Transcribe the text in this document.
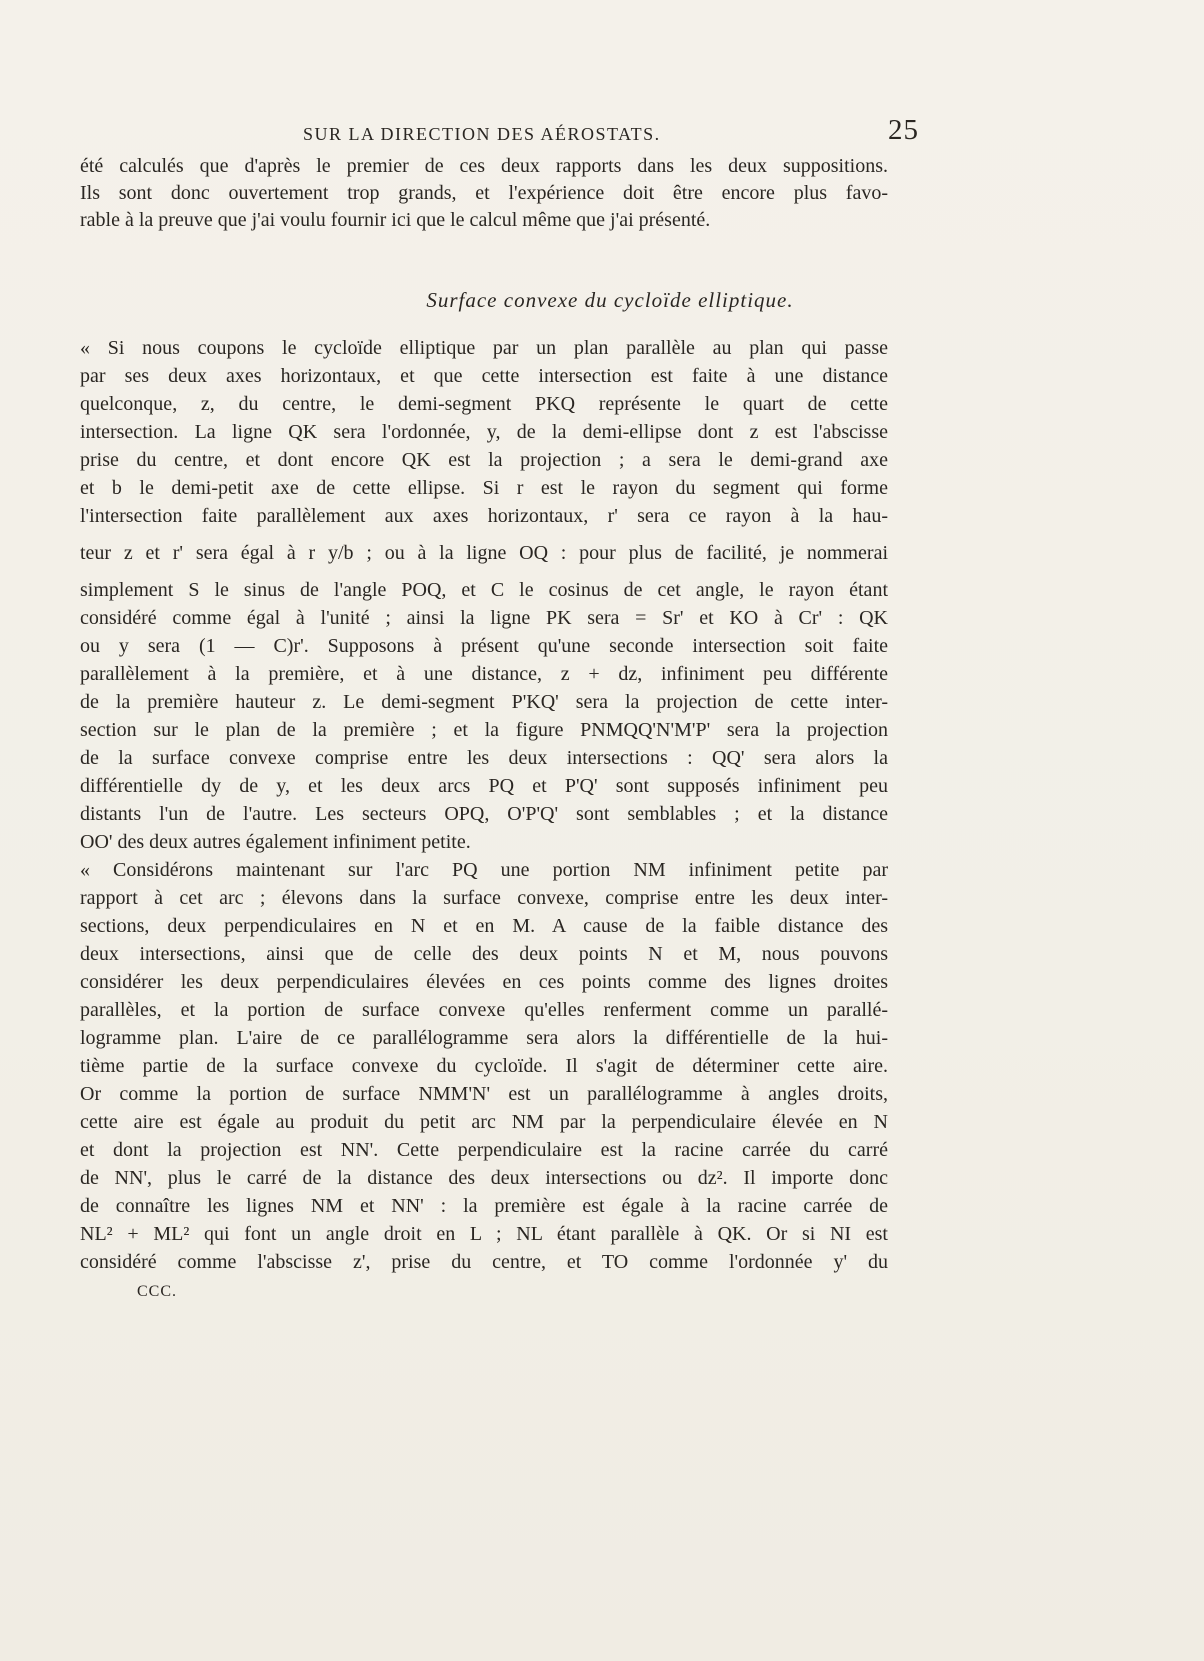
SUR LA DIRECTION DES AÉROSTATS.	25
été calculés que d'après le premier de ces deux rapports dans les deux suppositions.
Ils sont donc ouvertement trop grands, et l'expérience doit être encore plus favo-
rable à la preuve que j'ai voulu fournir ici que le calcul même que j'ai présenté.
Surface convexe du cycloïde elliptique.
« Si nous coupons le cycloïde elliptique par un plan parallèle au plan qui passe
par ses deux axes horizontaux, et que cette intersection est faite à une distance
quelconque, z, du centre, le demi-segment PKQ représente le quart de cette
intersection. La ligne QK sera l'ordonnée, y, de la demi-ellipse dont z est l'abscisse
prise du centre, et dont encore QK est la projection ; a sera le demi-grand axe
et b le demi-petit axe de cette ellipse. Si r est le rayon du segment qui forme
l'intersection faite parallèlement aux axes horizontaux, r' sera ce rayon à la hau-
teur z et r' sera égal à r y/b ; ou à la ligne OQ : pour plus de facilité, je nommerai
simplement S le sinus de l'angle POQ, et C le cosinus de cet angle, le rayon étant
considéré comme égal à l'unité ; ainsi la ligne PK sera = Sr' et KO à Cr' : QK
ou y sera (1 — C)r'. Supposons à présent qu'une seconde intersection soit faite
parallèlement à la première, et à une distance, z + dz, infiniment peu différente
de la première hauteur z. Le demi-segment P'KQ' sera la projection de cette inter-
section sur le plan de la première ; et la figure PNMQQ'N'M'P' sera la projection
de la surface convexe comprise entre les deux intersections : QQ' sera alors la
différentielle dy de y, et les deux arcs PQ et P'Q' sont supposés infiniment peu
distants l'un de l'autre. Les secteurs OPQ, O'P'Q' sont semblables ; et la distance
OO' des deux autres également infiniment petite.
« Considérons maintenant sur l'arc PQ une portion NM infiniment petite par
rapport à cet arc ; élevons dans la surface convexe, comprise entre les deux inter-
sections, deux perpendiculaires en N et en M. A cause de la faible distance des
deux intersections, ainsi que de celle des deux points N et M, nous pouvons
considérer les deux perpendiculaires élevées en ces points comme des lignes droites
parallèles, et la portion de surface convexe qu'elles renferment comme un parallé-
logramme plan. L'aire de ce parallélogramme sera alors la différentielle de la hui-
tième partie de la surface convexe du cycloïde. Il s'agit de déterminer cette aire.
Or comme la portion de surface NMM'N' est un parallélogramme à angles droits,
cette aire est égale au produit du petit arc NM par la perpendiculaire élevée en N
et dont la projection est NN'. Cette perpendiculaire est la racine carrée du carré
de NN', plus le carré de la distance des deux intersections ou dz². Il importe donc
de connaître les lignes NM et NN' : la première est égale à la racine carrée de
NL² + ML² qui font un angle droit en L ; NL étant parallèle à QK. Or si NI est
considéré comme l'abscisse z', prise du centre, et TO comme l'ordonnée y' du
CCC.
